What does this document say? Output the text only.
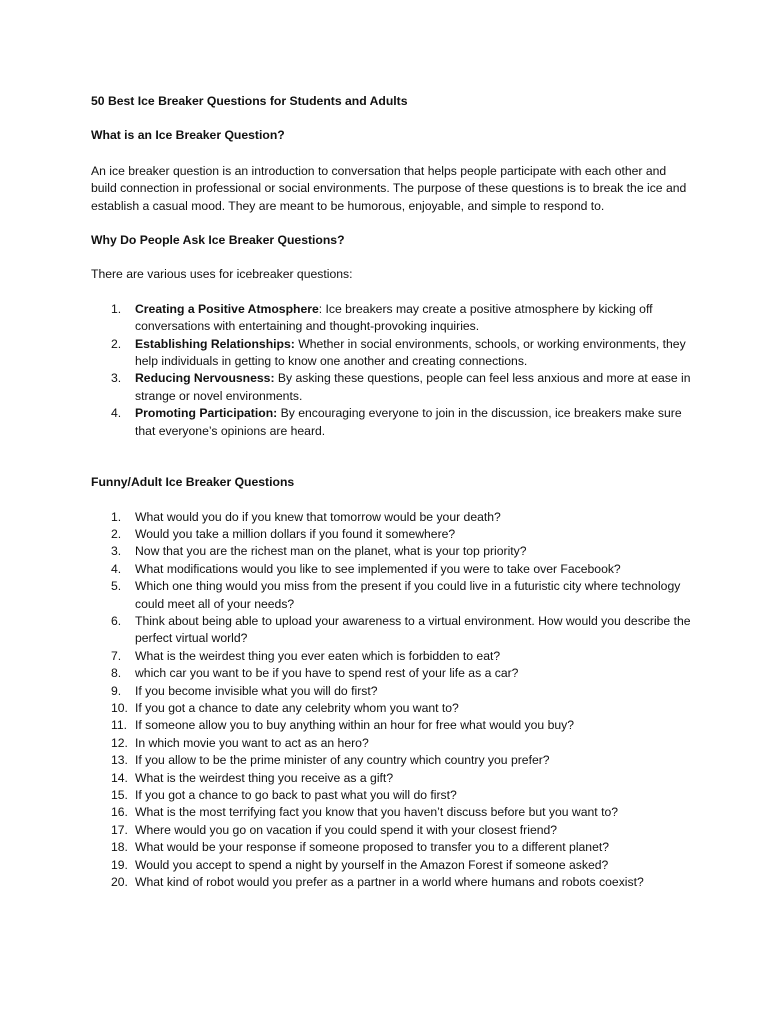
50 Best Ice Breaker Questions for Students and Adults

What is an Ice Breaker Question?

An ice breaker question is an introduction to conversation that helps people participate with each other and build connection in professional or social environments. The purpose of these questions is to break the ice and establish a casual mood. They are meant to be humorous, enjoyable, and simple to respond to.

Why Do People Ask Ice Breaker Questions?

There are various uses for icebreaker questions:

1.	Creating a Positive Atmosphere: Ice breakers may create a positive atmosphere by kicking off conversations with entertaining and thought-provoking inquiries.
2.	Establishing Relationships: Whether in social environments, schools, or working environments, they help individuals in getting to know one another and creating connections.
3.	Reducing Nervousness: By asking these questions, people can feel less anxious and more at ease in strange or novel environments.
4.	Promoting Participation: By encouraging everyone to join in the discussion, ice breakers make sure that everyone’s opinions are heard.

Funny/Adult Ice Breaker Questions

1.	What would you do if you knew that tomorrow would be your death?
2.	Would you take a million dollars if you found it somewhere?
3.	Now that you are the richest man on the planet, what is your top priority?
4.	What modifications would you like to see implemented if you were to take over Facebook?
5.	Which one thing would you miss from the present if you could live in a futuristic city where technology could meet all of your needs?
6.	Think about being able to upload your awareness to a virtual environment. How would you describe the perfect virtual world?
7.	What is the weirdest thing you ever eaten which is forbidden to eat?
8.	which car you want to be if you have to spend rest of your life as a car?
9.	If you become invisible what you will do first?
10. If you got a chance to date any celebrity whom you want to?
11. If someone allow you to buy anything within an hour for free what would you buy?
12. In which movie you want to act as an hero?
13. If you allow to be the prime minister of any country which country you prefer?
14. What is the weirdest thing you receive as a gift?
15. If you got a chance to go back to past what you will do first?
16. What is the most terrifying fact you know that you haven’t discuss before but you want to?
17. Where would you go on vacation if you could spend it with your closest friend?
18. What would be your response if someone proposed to transfer you to a different planet?
19. Would you accept to spend a night by yourself in the Amazon Forest if someone asked?
20. What kind of robot would you prefer as a partner in a world where humans and robots coexist?
